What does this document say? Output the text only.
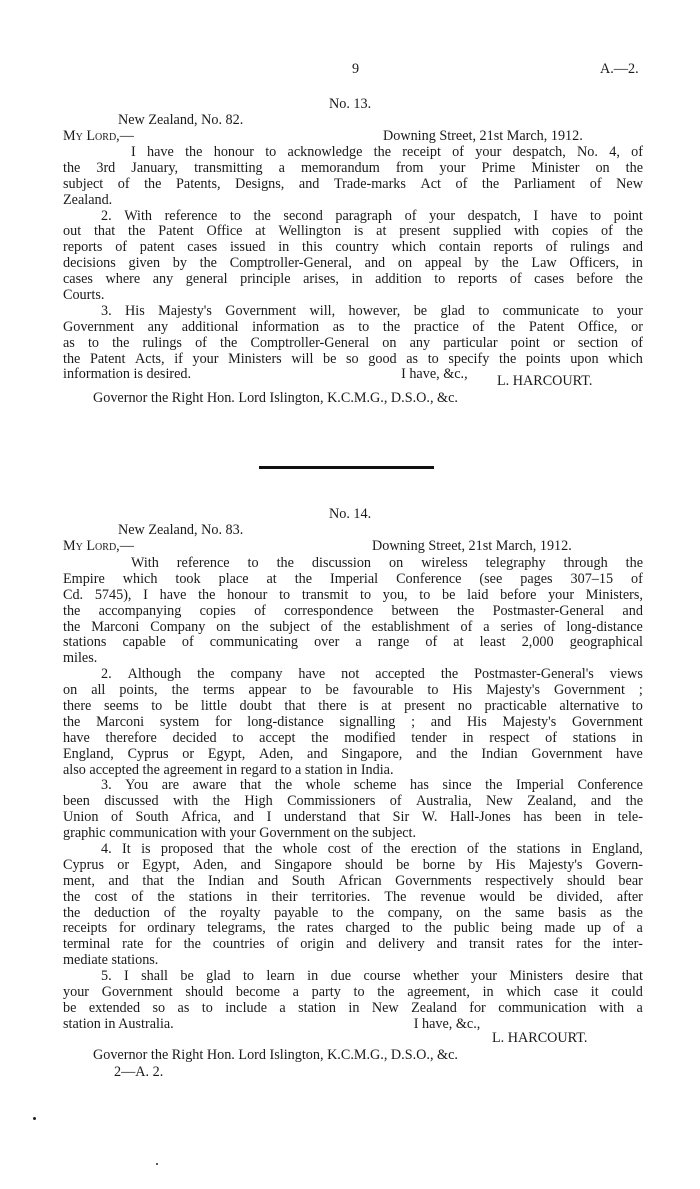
9	A.—2.
No. 13.
New Zealand, No. 82.
My Lord,—	Downing Street, 21st March, 1912.
I have the honour to acknowledge the receipt of your despatch, No. 4, of
the 3rd January, transmitting a memorandum from your Prime Minister on the
subject of the Patents, Designs, and Trade-marks Act of the Parliament of New
Zealand.
2. With reference to the second paragraph of your despatch, I have to point
out that the Patent Office at Wellington is at present supplied with copies of the
reports of patent cases issued in this country which contain reports of rulings and
decisions given by the Comptroller-General, and on appeal by the Law Officers, in
cases where any general principle arises, in addition to reports of cases before the
Courts.
3. His Majesty's Government will, however, be glad to communicate to your
Government any additional information as to the practice of the Patent Office, or
as to the rulings of the Comptroller-General on any particular point or section of
the Patent Acts, if your Ministers will be so good as to specify the points upon which
information is desired.	I have, &c., L. HARCOURT.
Governor the Right Hon. Lord Islington, K.C.M.G., D.S.O., &c.
No. 14.
New Zealand, No. 83.
My Lord,—	Downing Street, 21st March, 1912.
With reference to the discussion on wireless telegraphy through the
Empire which took place at the Imperial Conference (see pages 307–15 of
Cd. 5745), I have the honour to transmit to you, to be laid before your Ministers,
the accompanying copies of correspondence between the Postmaster-General and
the Marconi Company on the subject of the establishment of a series of long-distance
stations capable of communicating over a range of at least 2,000 geographical
miles.
2. Although the company have not accepted the Postmaster-General's views
on all points, the terms appear to be favourable to His Majesty's Government ;
there seems to be little doubt that there is at present no practicable alternative to
the Marconi system for long-distance signalling ; and His Majesty's Government
have therefore decided to accept the modified tender in respect of stations in
England, Cyprus or Egypt, Aden, and Singapore, and the Indian Government have
also accepted the agreement in regard to a station in India.
3. You are aware that the whole scheme has since the Imperial Conference
been discussed with the High Commissioners of Australia, New Zealand, and the
Union of South Africa, and I understand that Sir W. Hall-Jones has been in tele-
graphic communication with your Government on the subject.
4. It is proposed that the whole cost of the erection of the stations in England,
Cyprus or Egypt, Aden, and Singapore should be borne by His Majesty's Govern-
ment, and that the Indian and South African Governments respectively should bear
the cost of the stations in their territories. The revenue would be divided, after
the deduction of the royalty payable to the company, on the same basis as the
receipts for ordinary telegrams, the rates charged to the public being made up of a
terminal rate for the countries of origin and delivery and transit rates for the inter-
mediate stations.
5. I shall be glad to learn in due course whether your Ministers desire that
your Government should become a party to the agreement, in which case it could
be extended so as to include a station in New Zealand for communication with a
station in Australia.	I have, &c.,
L. HARCOURT.
Governor the Right Hon. Lord Islington, K.C.M.G., D.S.O., &c.
2—A. 2.
